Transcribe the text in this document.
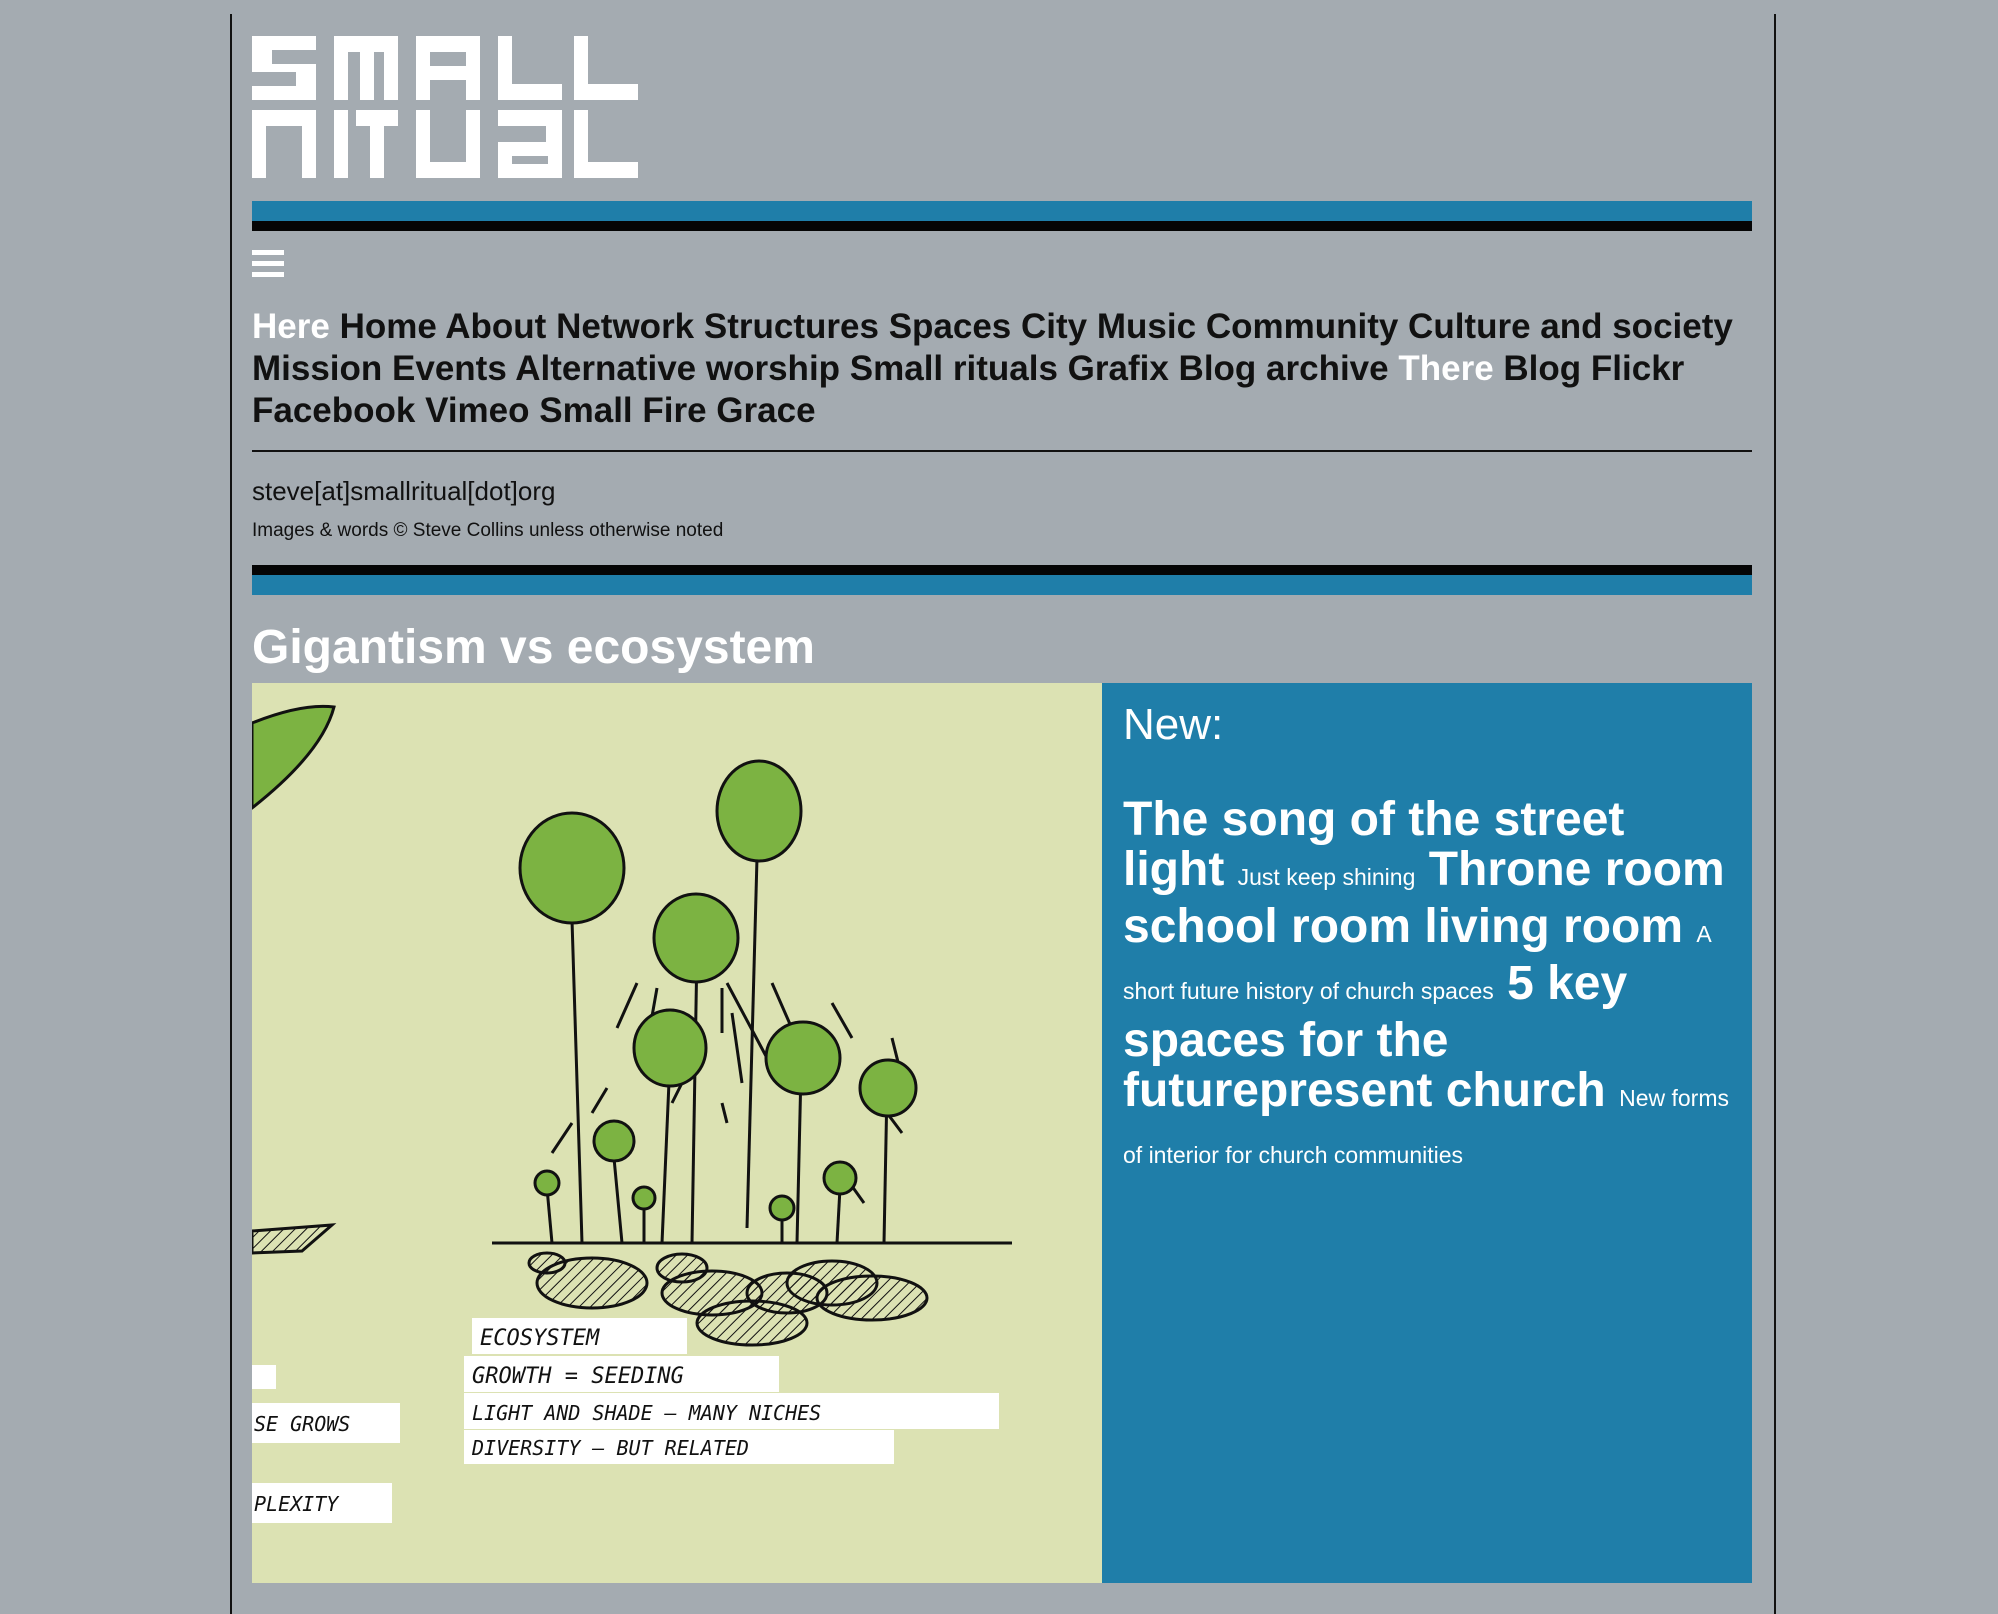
Here Home About Network Structures Spaces City Music Community Culture and society Mission Events Alternative worship Small rituals Grafix Blog archive There Blog Flickr Facebook Vimeo Small Fire Grace
steve[at]smallritual[dot]org
Images & words © Steve Collins unless otherwise noted
Gigantism vs ecosystem
ECOSYSTEM
GROWTH = SEEDING
LIGHT AND SHADE — MANY NICHES
DIVERSITY — BUT RELATED
SE GROWS
PLEXITY
New:
The song of the street light Just keep shining Throne room school room living room A short future history of church spaces 5 key spaces for the futurepresent church New forms of interior for church communities
